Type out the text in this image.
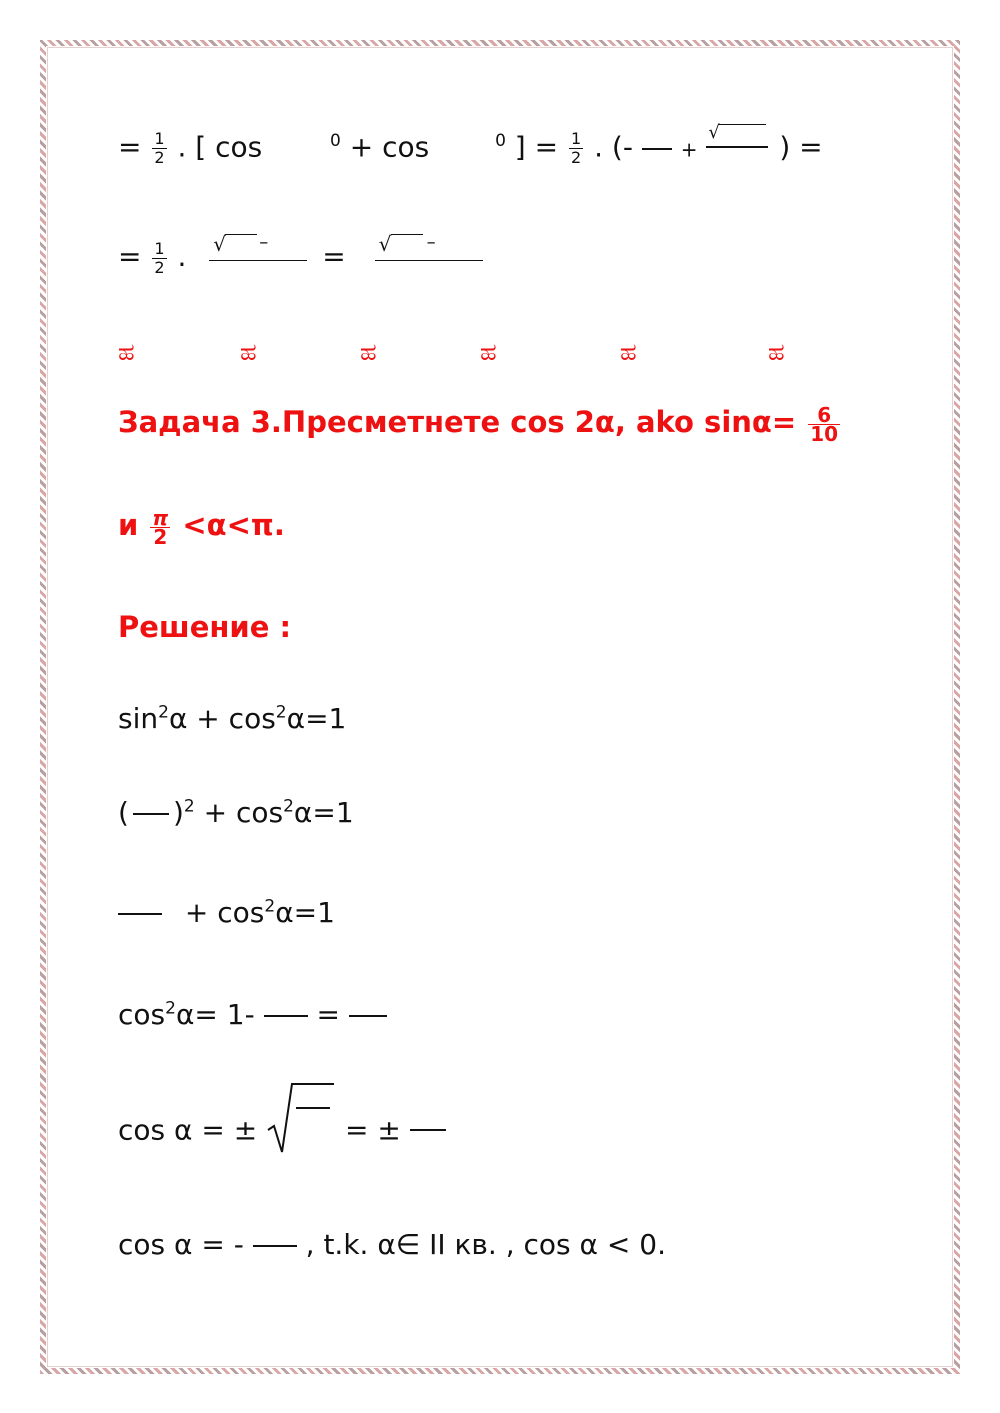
= $\frac{1}{2}$ . [ cos	$^0$ + cos	$^0$ ] = $\frac{1}{2}$ . (-  +
√ ) =
= $\frac{1}{2}$ . √ – = √ –
ಹ	ಹ	ಹ	ಹ	ಹ	ಹ
Задача 3.Пресметнете cos 2α, ako $\sin\alpha= \frac{6}{10}$
и $\frac{\pi}{2} <\alpha<\pi$.
Решение :
$\sin^2\alpha + \cos^2\alpha=1$
( )$^2 + \cos^2\alpha=1$
+ $\cos^2\alpha=1$
$\cos^2\alpha= 1-$  =
cos α = ±	= ±
cos α = -  , t.k. α∈ II кв. , cos α < 0.
